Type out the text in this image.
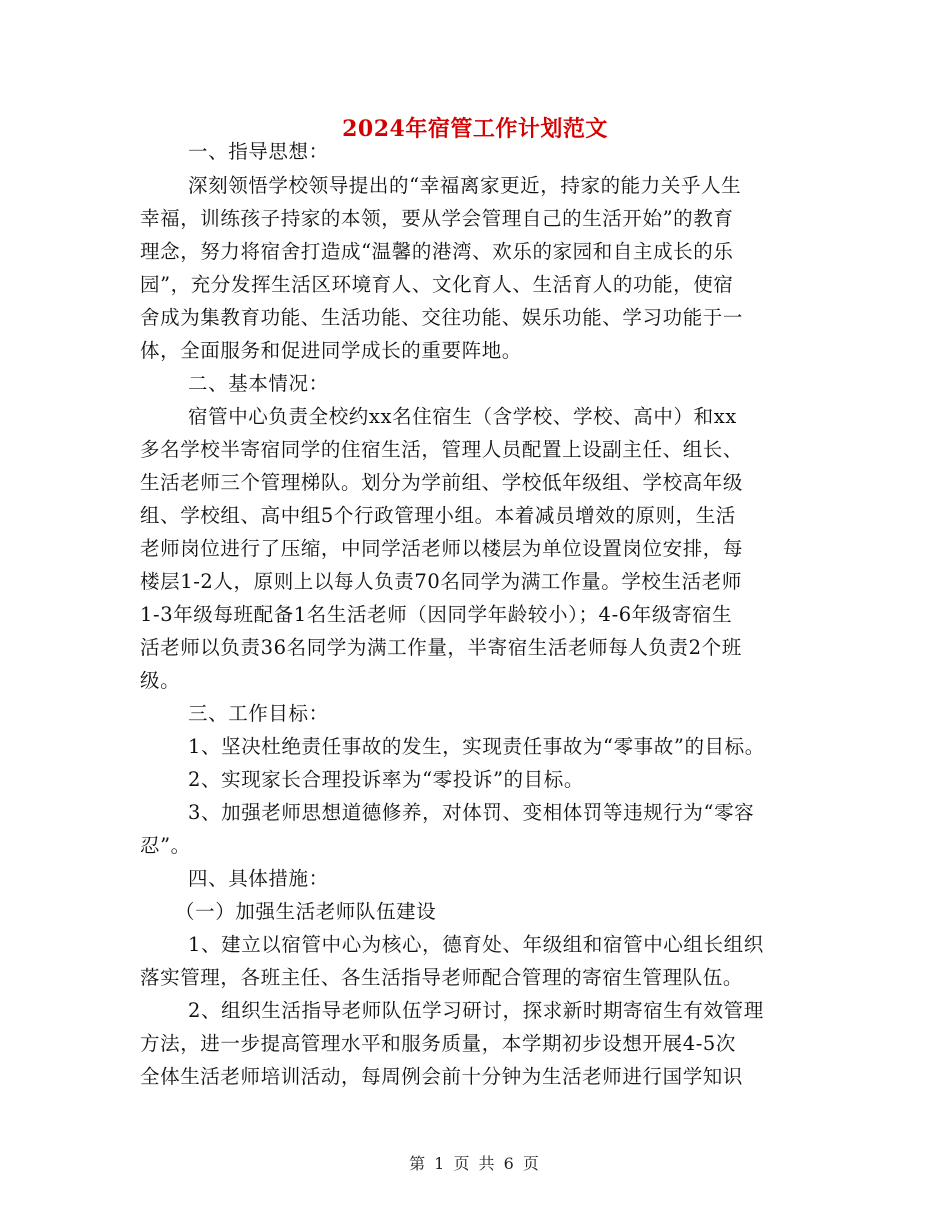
2024年宿管工作计划范文
一、指导思想：
深刻领悟学校领导提出的“幸福离家更近，持家的能力关乎人生
幸福，训练孩子持家的本领，要从学会管理自己的生活开始”的教育
理念，努力将宿舍打造成“温馨的港湾、欢乐的家园和自主成长的乐
园”，充分发挥生活区环境育人、文化育人、生活育人的功能，使宿
舍成为集教育功能、生活功能、交往功能、娱乐功能、学习功能于一
体，全面服务和促进同学成长的重要阵地。
二、基本情况：
宿管中心负责全校约xx名住宿生（含学校、学校、高中）和xx
多名学校半寄宿同学的住宿生活，管理人员配置上设副主任、组长、
生活老师三个管理梯队。划分为学前组、学校低年级组、学校高年级
组、学校组、高中组5个行政管理小组。本着减员增效的原则，生活
老师岗位进行了压缩，中同学活老师以楼层为单位设置岗位安排，每
楼层1-2人，原则上以每人负责70名同学为满工作量。学校生活老师
1-3年级每班配备1名生活老师（因同学年龄较小）；4-6年级寄宿生
活老师以负责36名同学为满工作量，半寄宿生活老师每人负责2个班
级。
三、工作目标：
1、坚决杜绝责任事故的发生，实现责任事故为“零事故”的目标。
2、实现家长合理投诉率为“零投诉”的目标。
3、加强老师思想道德修养，对体罚、变相体罚等违规行为“零容
忍”。
四、具体措施：
（一）加强生活老师队伍建设
1、建立以宿管中心为核心，德育处、年级组和宿管中心组长组织
落实管理，各班主任、各生活指导老师配合管理的寄宿生管理队伍。
2、组织生活指导老师队伍学习研讨，探求新时期寄宿生有效管理
方法，进一步提高管理水平和服务质量，本学期初步设想开展4-5次
全体生活老师培训活动，每周例会前十分钟为生活老师进行国学知识
第 1 页 共 6 页
